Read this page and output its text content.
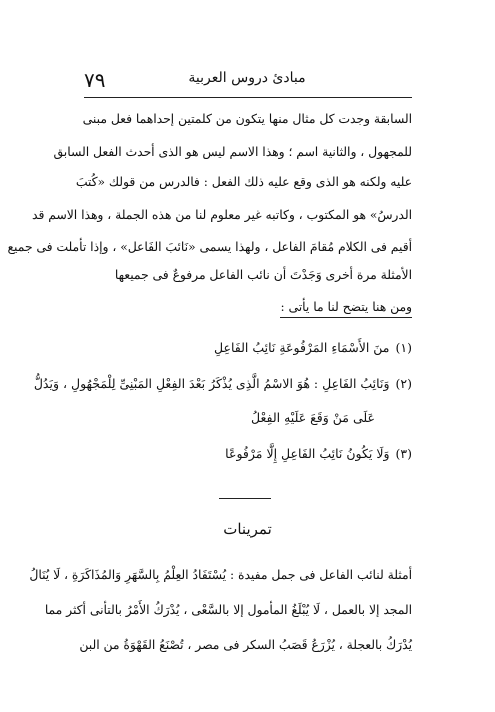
٧٩	مبادئ دروس العربية
السابقة وجدت كل مثال منها يتكون من كلمتين إحداهما فعل مبنى
للمجهول ، والثانية اسم ؛ وهذا الاسم ليس هو الذى أحدث الفعل السابق
عليه ولكنه هو الذى وقع عليه ذلك الفعل : فالدرس من قولك «كُتبَ
الدرسُ» هو المكتوب ، وكاتبه غير معلوم لنا من هذه الجملة ، وهذا الاسم قد
أقيم فى الكلام مُقامَ الفاعل ، ولهذا يسمى «نَائبَ الفَاعل» ، وإذا تأملت فى جميع
الأمثلة مرة أخرى وَجَدْتَ أن نائب الفاعل مرفوعٌ فى جميعها
ومن هنا يتضح لنا ما يأتى :
(١)منَ الأَسْمَاءِ المَرْفُوعَةِ نَائِبُ الفَاعِلِ
(٢)وَنَائِبُ الفَاعِلِ : هُوَ الاسْمُ الَّذِى يُذْكَرُ بَعْدَ الفِعْلِ المَبْنِىِّ لِلْمَجْهُولِ ، وَيَدُلُّ
عَلَى مَنْ وَقَعَ عَلَيْهِ الفِعْلُ
(٣)وَلَا يَكُونُ نَائِبُ الفَاعِلِ إِلَّا مَرْفُوعًا
تمرينات
أمثلة لنائب الفاعل فى جمل مفيدة : يُسْتَفَادُ العِلْمُ بِالسَّهَرِ وَالمُذَاكَرَةِ ، لَا يُنَالُ
المجد إلا بالعمل ، لَا يُبْلَغُ المأمول إلا بالسَّعْى ، يُدْرَكُ الأَمْرُ بالتأنى أكثر مما
يُدْرَكُ بالعجلة ، يُزْرَعُ قَصَبُ السكر فى مصر ، تُصْنَعُ القَهْوَةُ من البن
